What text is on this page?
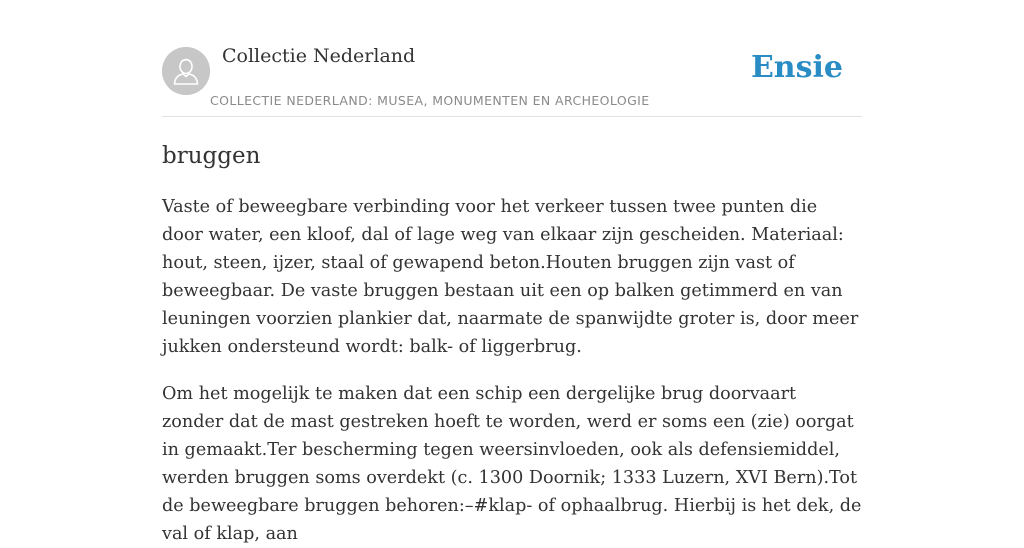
Collectie Nederland
COLLECTIE NEDERLAND: MUSEA, MONUMENTEN EN ARCHEOLOGIE
Ensie
bruggen

Vaste of beweegbare verbinding voor het verkeer tussen twee punten die door water, een kloof, dal of lage weg van elkaar zijn gescheiden. Materiaal: hout, steen, ijzer, staal of gewapend beton.Houten bruggen zijn vast of beweegbaar. De vaste bruggen bestaan uit een op balken getimmerd en van leuningen voorzien plankier dat, naarmate de spanwijdte groter is, door meer jukken ondersteund wordt: balk- of liggerbrug.

Om het mogelijk te maken dat een schip een dergelijke brug doorvaart zonder dat de mast gestreken hoeft te worden, werd er soms een (zie) oorgat in gemaakt.Ter bescherming tegen weersinvloeden, ook als defensiemiddel, werden bruggen soms overdekt (c. 1300 Doornik; 1333 Luzern, XVI Bern).Tot de beweegbare bruggen behoren:–#klap- of ophaalbrug. Hierbij is het dek, de val of klap, aan
